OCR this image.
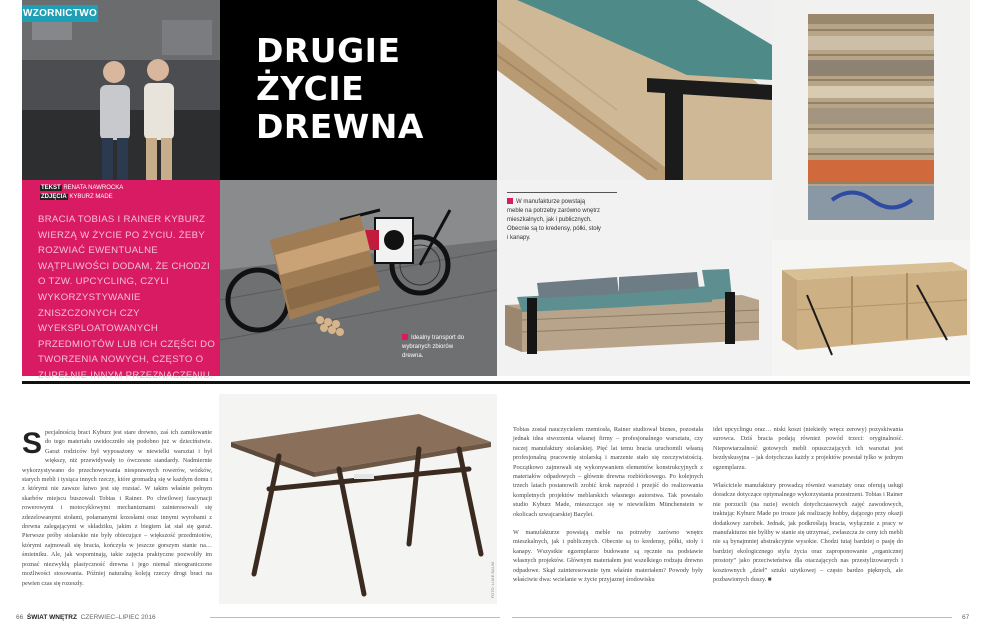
WZORNICTWO
DRUGIE
ŻYCIE
DREWNA
TEKST RENATA NAWROCKA
ZDJĘCIA KYBURZ MADE
BRACIA TOBIAS I RAINER KYBURZ WIERZĄ W ŻYCIE PO ŻYCIU. ŻEBY ROZWIAĆ EWENTUALNE WĄTPLIWOŚCI DODAM, ŻE CHODZI O TZW. UPCYCLING, CZYLI WYKORZYSTYWANIE ZNISZCZONYCH CZY WYEKSPLOATOWANYCH PRZEDMIOTÓW LUB ICH CZĘŚCI DO TWORZENIA NOWYCH, CZĘSTO O ZUPEŁNIE INNYM PRZEZNACZENIU.
Idealny transport do wybranych zbiorów drewna.
W manufakturze powstają meble na potrzeby zarówno wnętrz mieszkalnych, jak i publicznych. Obecnie są to kredensy, półki, stoły i kanapy.
Specjalnością braci Kyburz jest stare drewno, zaś ich zamiłowanie do tego materiału uwidoczniło się podobno już w dzieciństwie. Garaż rodziców był wyposażony w niewielki warsztat i był większy, niż przewidywały to ówczesne standardy. Nadmiernie wykorzystywano do przechowywania niesprawnych rowerów, wózków, starych mebli i tysiąca innych rzeczy, które gromadzą się w każdym domu i z którymi nie zawsze łatwo jest się rozstać. W takim właśnie pełnym skarbów miejscu buszowali Tobias i Rainer. Po chwilowej fascynacji rowerowymi i motocyklowymi mechanizmami zainteresowali się zdezelowanymi stołami, połamanymi krzesłami oraz innymi wyrobami z drewna zalegającymi w składziku, jakim z biegiem lat stał się garaż. Pierwsze próby stolarskie nie były obiecujące – większość przedmiotów, którymi zajmowali się bracia, kończyła w jeszcze gorszym stanie na… śmietniku. Ale, jak wspominają, takie zajęcia praktyczne pozwoliły im poznać niezwykłą plastyczność drewna i jego niemal nieograniczone możliwości stosowania. Później naturalną koleją rzeczy drogi braci na pewien czas się rozeszły.	FOTO: LUKE BAUM

Tobias został nauczycielem rzemiosła, Rainer studiował biznes, pozostała jednak idea stworzenia własnej firmy – profesjonalnego warsztatu, czy raczej manufaktury stolarskiej. Pięć lat temu bracia uruchomili własną profesjonalną pracownię stolarską i marzenie stało się rzeczywistością. Początkowo zajmowali się wykonywaniem elementów konstrukcyjnych z materiałów odpadowych – głównie drewna rozbiórkowego. Po kolejnych trzech latach postanowili zrobić krok naprzód i przejść do realizowania kompletnych projektów meblarskich własnego autorstwa. Tak powstało studio Kyburz Made, mieszczące się w niewielkim Münchenstein w okolicach szwajcarskiej Bazylei.

W manufakturze powstają meble na potrzeby zarówno wnętrz mieszkalnych, jak i publicznych. Obecnie są to kredensy, półki, stoły i kanapy. Wszystkie egzemplarze budowane są ręcznie na podstawie własnych projektów. Głównym materiałem jest wszelkiego rodzaju drewno odpadowe. Skąd zainteresowanie tym właśnie materiałem? Powody były właściwie dwa: wcielanie w życie przyjaznej środowisku

idei upcyclingu oraz… niski koszt (niekiedy wręcz zerowy) pozyskiwania surowca. Dziś bracia podają również powód trzeci: oryginalność. Niepowtarzalność gotowych mebli opuszczających ich warsztat jest bezdyskusyjna – jak dotychczas każdy z projektów powstał tylko w jednym egzemplarzu.

Właściciele manufaktury prowadzą również warsztaty oraz oferują usługi doradcze dotyczące optymalnego wykorzystania przestrzeni. Tobias i Rainer nie porzucili (na razie) swoich dotychczasowych zajęć zawodowych, traktując Kyburz Made po trosze jak realizację hobby, dającego przy okazji dodatkowy zarobek. Jednak, jak podkreślają bracia, wyłącznie z pracy w manufakturze nie byliby w stanie się utrzymać, zwłaszcza że ceny ich mebli nie są bynajmniej abstrakcyjnie wysokie. Chodzi tutaj bardziej o pasję do bardziej ekologicznego stylu życia oraz zaproponowanie „organicznej prostoty” jako przeciwieństwa dla otaczających nas przestylizowanych i kosztownych „dzieł” sztuki użytkowej – często bardzo pięknych, ale pozbawionych duszy. ■

66 ŚWIAT WNĘTRZ CZERWIEC–LIPIEC 2016	67
